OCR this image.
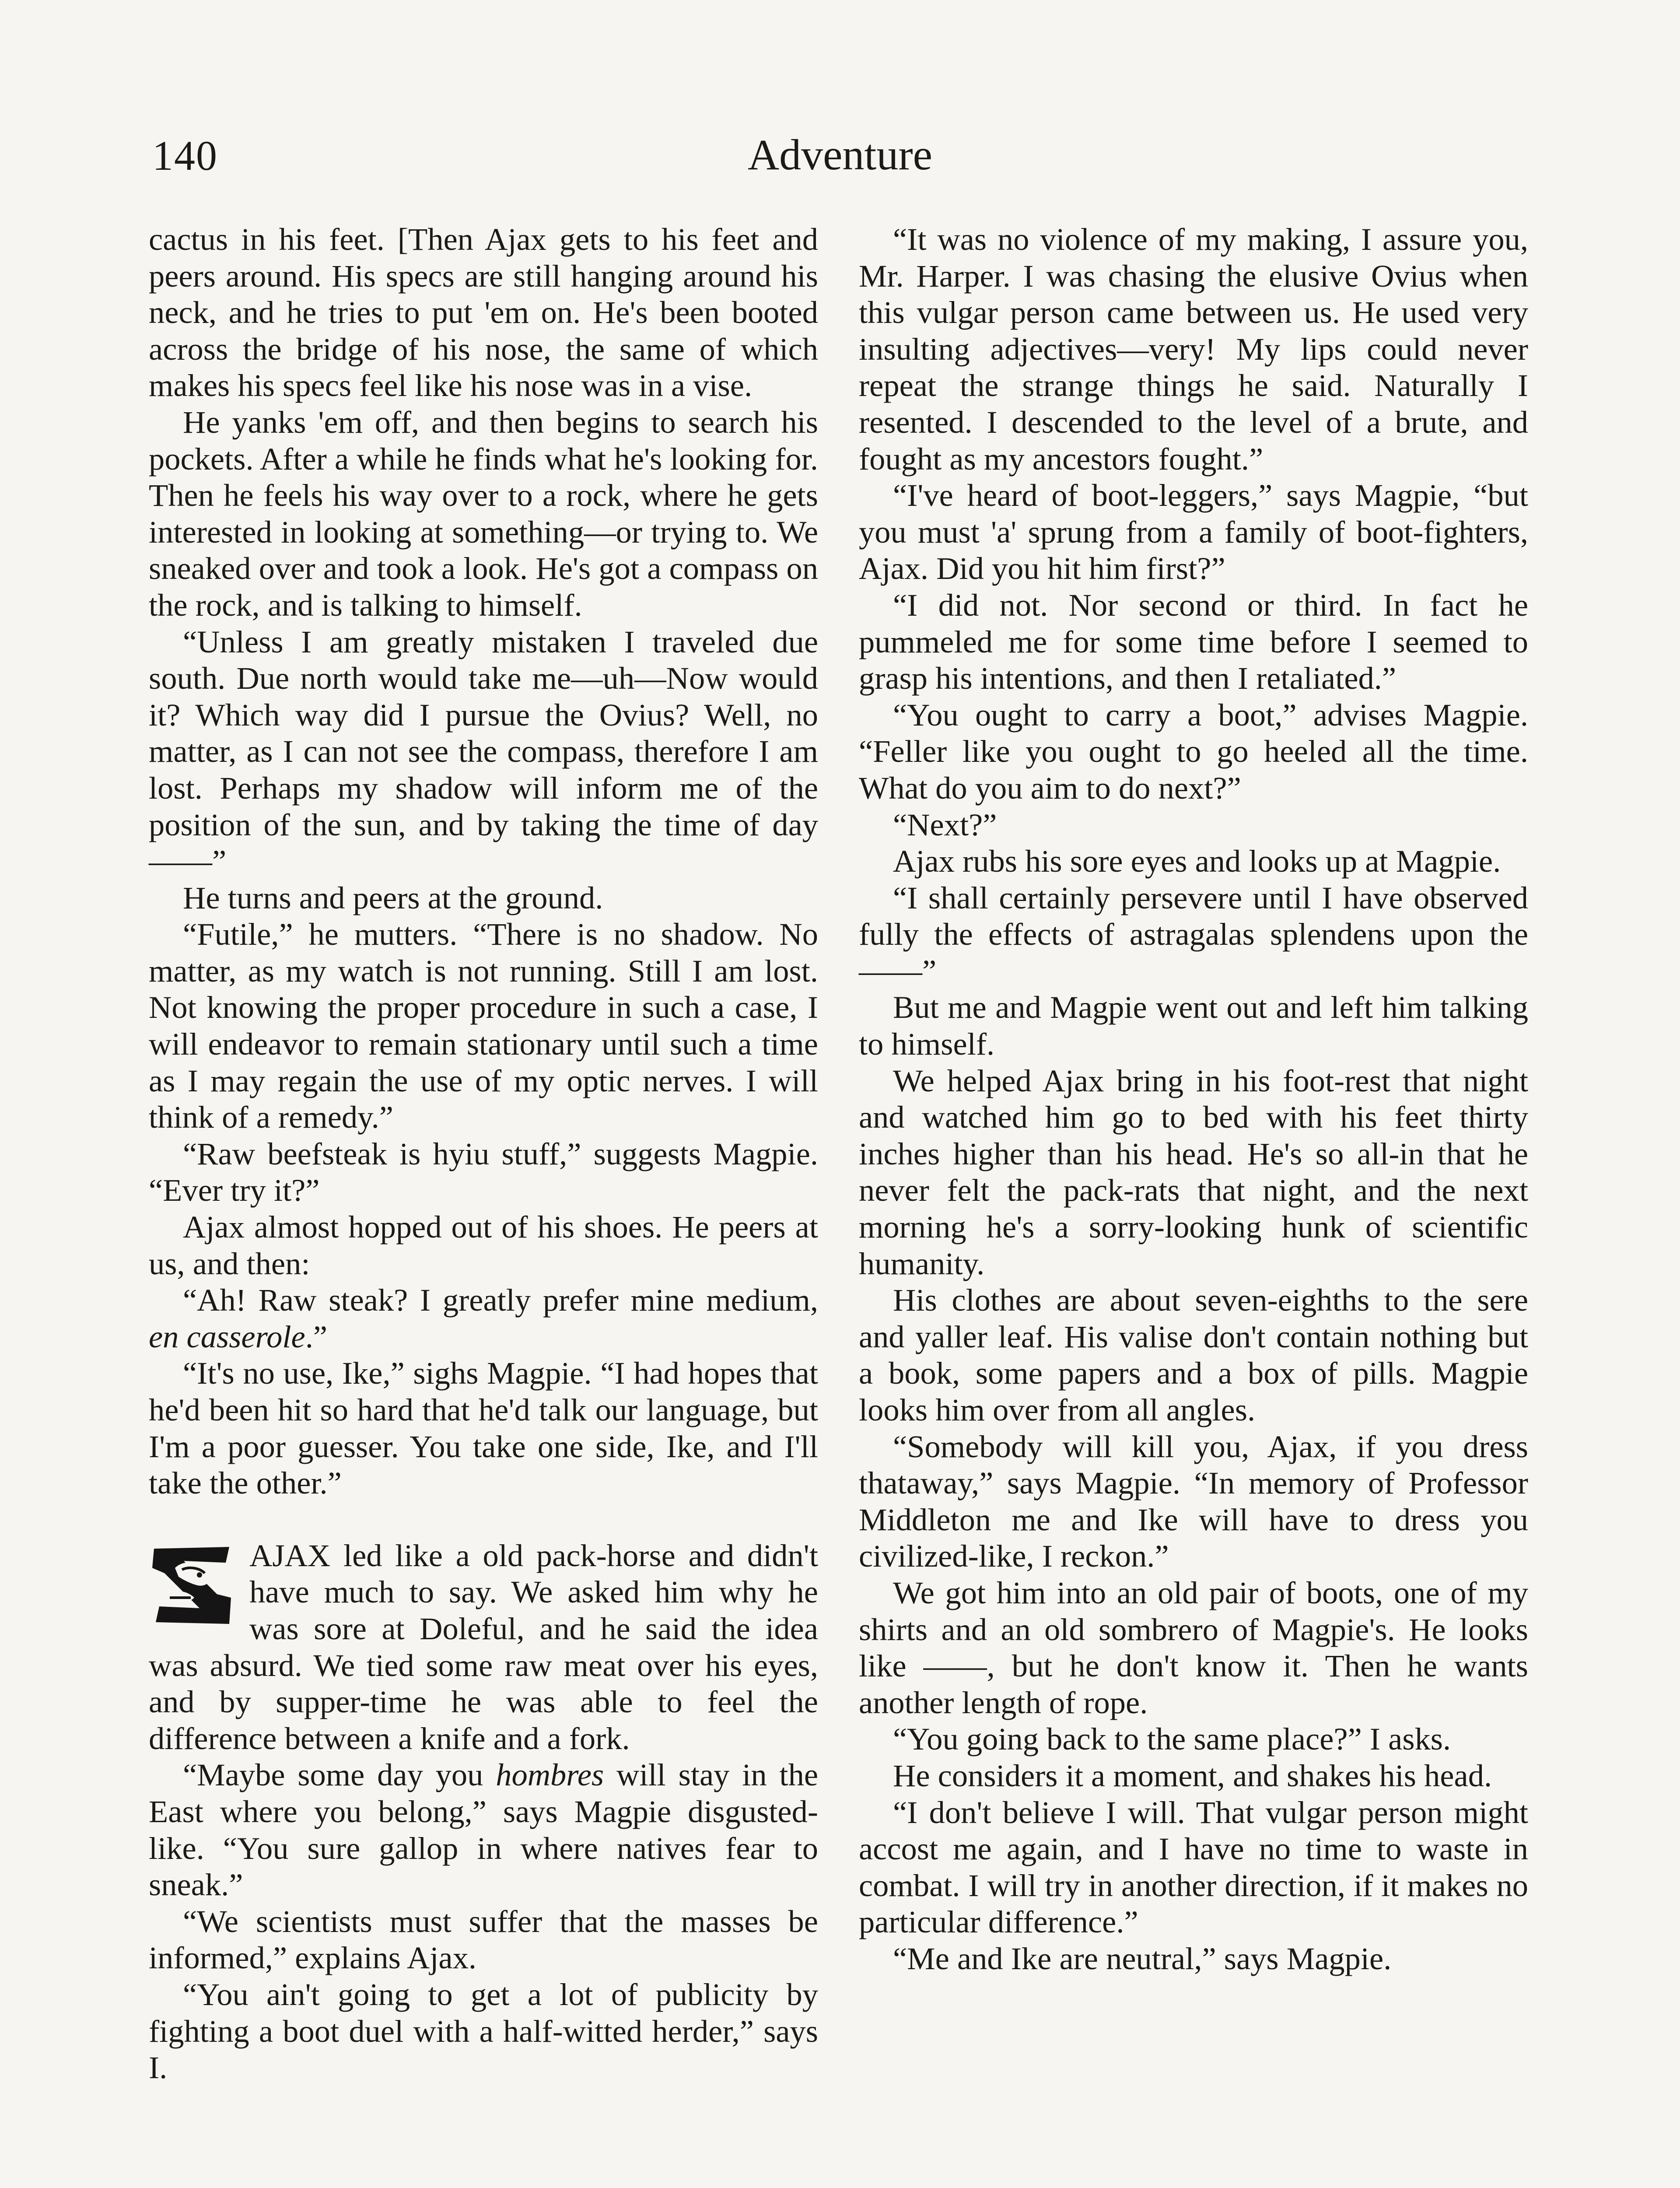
140	Adventure

cactus in his feet. [Then Ajax gets to his feet and peers around. His specs are still hanging around his neck, and he tries to put 'em on. He's been booted across the bridge of his nose, the same of which makes his specs feel like his nose was in a vise.

He yanks 'em off, and then begins to search his pockets. After a while he finds what he's looking for. Then he feels his way over to a rock, where he gets interested in looking at something—or trying to. We sneaked over and took a look. He's got a compass on the rock, and is talking to himself.

“Unless I am greatly mistaken I traveled due south. Due north would take me—uh—Now would it? Which way did I pursue the Ovius? Well, no matter, as I can not see the compass, therefore I am lost. Perhaps my shadow will inform me of the position of the sun, and by taking the time of day——”

He turns and peers at the ground.

“Futile,” he mutters. “There is no shadow. No matter, as my watch is not running. Still I am lost. Not knowing the proper procedure in such a case, I will endeavor to remain stationary until such a time as I may regain the use of my optic nerves. I will think of a remedy.”

“Raw beefsteak is hyiu stuff,” suggests Magpie. “Ever try it?”

Ajax almost hopped out of his shoes. He peers at us, and then:

“Ah! Raw steak? I greatly prefer mine medium, en casserole.”

“It's no use, Ike,” sighs Magpie. “I had hopes that he'd been hit so hard that he'd talk our language, but I'm a poor guesser. You take one side, Ike, and I'll take the other.”

AJAX led like a old pack-horse and didn't have much to say. We asked him why he was sore at Doleful, and he said the idea was absurd. We tied some raw meat over his eyes, and by supper-time he was able to feel the difference between a knife and a fork.

“Maybe some day you hombres will stay in the East where you belong,” says Magpie disgusted-like. “You sure gallop in where natives fear to sneak.”

“We scientists must suffer that the masses be informed,” explains Ajax.

“You ain't going to get a lot of publicity by fighting a boot duel with a half-witted herder,” says I.

“It was no violence of my making, I assure you, Mr. Harper. I was chasing the elusive Ovius when this vulgar person came between us. He used very insulting adjectives—very! My lips could never repeat the strange things he said. Naturally I resented. I descended to the level of a brute, and fought as my ancestors fought.”

“I've heard of boot-leggers,” says Magpie, “but you must 'a' sprung from a family of boot-fighters, Ajax. Did you hit him first?”

“I did not. Nor second or third. In fact he pummeled me for some time before I seemed to grasp his intentions, and then I retaliated.”

“You ought to carry a boot,” advises Magpie. “Feller like you ought to go heeled all the time. What do you aim to do next?”

“Next?”

Ajax rubs his sore eyes and looks up at Magpie.

“I shall certainly persevere until I have observed fully the effects of astragalas splendens upon the——”

But me and Magpie went out and left him talking to himself.

We helped Ajax bring in his foot-rest that night and watched him go to bed with his feet thirty inches higher than his head. He's so all-in that he never felt the pack-rats that night, and the next morning he's a sorry-looking hunk of scientific humanity.

His clothes are about seven-eighths to the sere and yaller leaf. His valise don't contain nothing but a book, some papers and a box of pills. Magpie looks him over from all angles.

“Somebody will kill you, Ajax, if you dress thataway,” says Magpie. “In memory of Professor Middleton me and Ike will have to dress you civilized-like, I reckon.”

We got him into an old pair of boots, one of my shirts and an old sombrero of Magpie's. He looks like ——, but he don't know it. Then he wants another length of rope.

“You going back to the same place?” I asks.

He considers it a moment, and shakes his head.

“I don't believe I will. That vulgar person might accost me again, and I have no time to waste in combat. I will try in another direction, if it makes no particular difference.”

“Me and Ike are neutral,” says Magpie.
